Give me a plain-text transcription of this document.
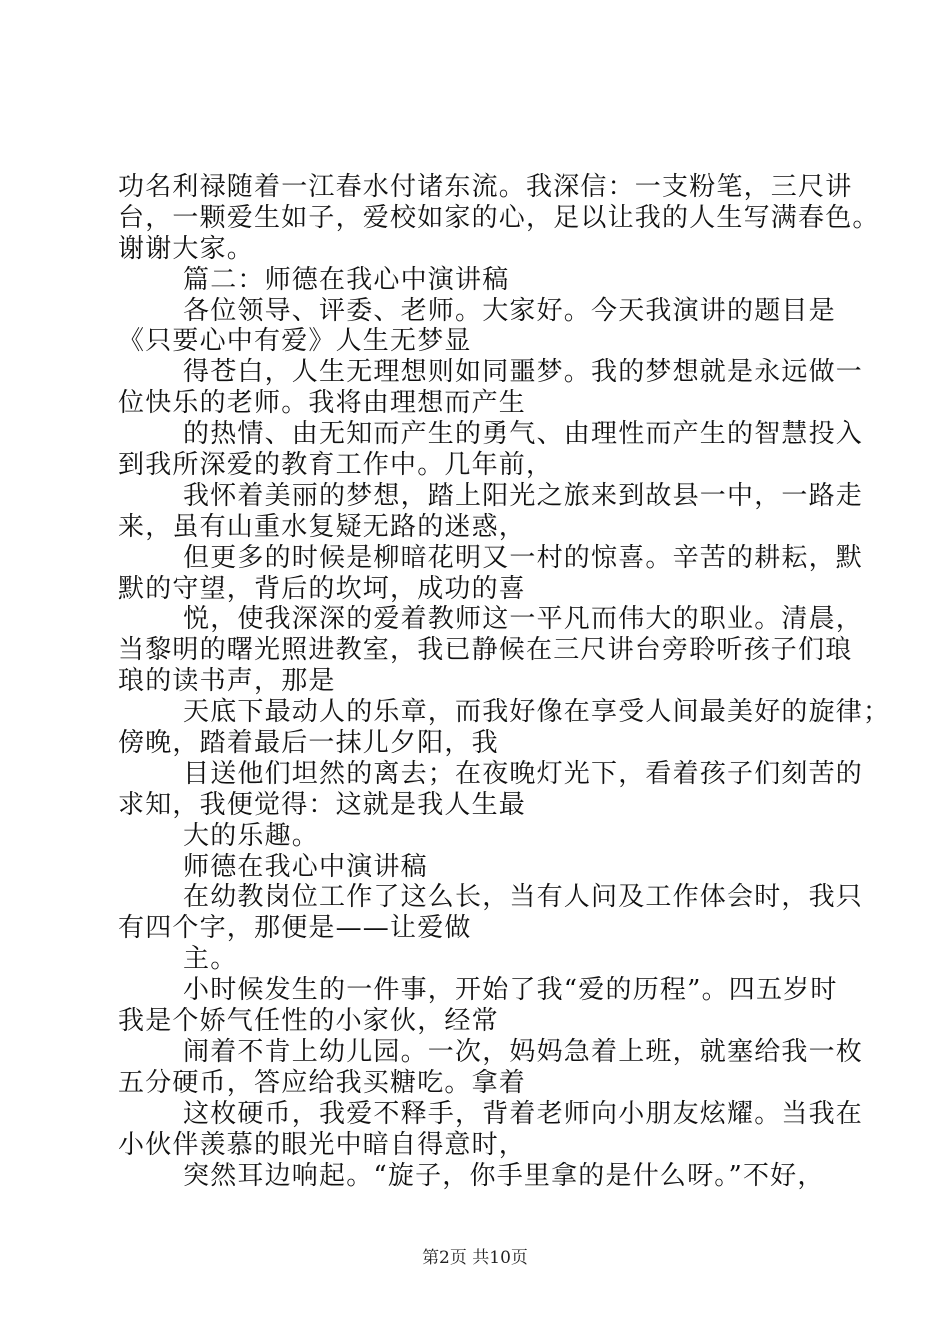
功名利禄随着一江春水付诸东流。我深信：一支粉笔，三尺讲
台，一颗爱生如子，爱校如家的心，足以让我的人生写满春色。
谢谢大家。
篇二：师德在我心中演讲稿
各位领导、评委、老师。大家好。今天我演讲的题目是
《只要心中有爱》人生无梦显
得苍白，人生无理想则如同噩梦。我的梦想就是永远做一
位快乐的老师。我将由理想而产生
的热情、由无知而产生的勇气、由理性而产生的智慧投入
到我所深爱的教育工作中。几年前，
我怀着美丽的梦想，踏上阳光之旅来到故县一中，一路走
来，虽有山重水复疑无路的迷惑，
但更多的时候是柳暗花明又一村的惊喜。辛苦的耕耘，默
默的守望，背后的坎坷，成功的喜
悦，使我深深的爱着教师这一平凡而伟大的职业。清晨，
当黎明的曙光照进教室，我已静候在三尺讲台旁聆听孩子们琅
琅的读书声，那是
天底下最动人的乐章，而我好像在享受人间最美好的旋律；
傍晚，踏着最后一抹儿夕阳，我
目送他们坦然的离去；在夜晚灯光下，看着孩子们刻苦的
求知，我便觉得：这就是我人生最
大的乐趣。
师德在我心中演讲稿
在幼教岗位工作了这么长，当有人问及工作体会时，我只
有四个字，那便是——让爱做
主。
小时候发生的一件事，开始了我“爱的历程”。四五岁时
我是个娇气任性的小家伙，经常
闹着不肯上幼儿园。一次，妈妈急着上班，就塞给我一枚
五分硬币，答应给我买糖吃。拿着
这枚硬币，我爱不释手，背着老师向小朋友炫耀。当我在
小伙伴羡慕的眼光中暗自得意时，
突然耳边响起。“旋子，你手里拿的是什么呀。”不好，
第2页 共10页
